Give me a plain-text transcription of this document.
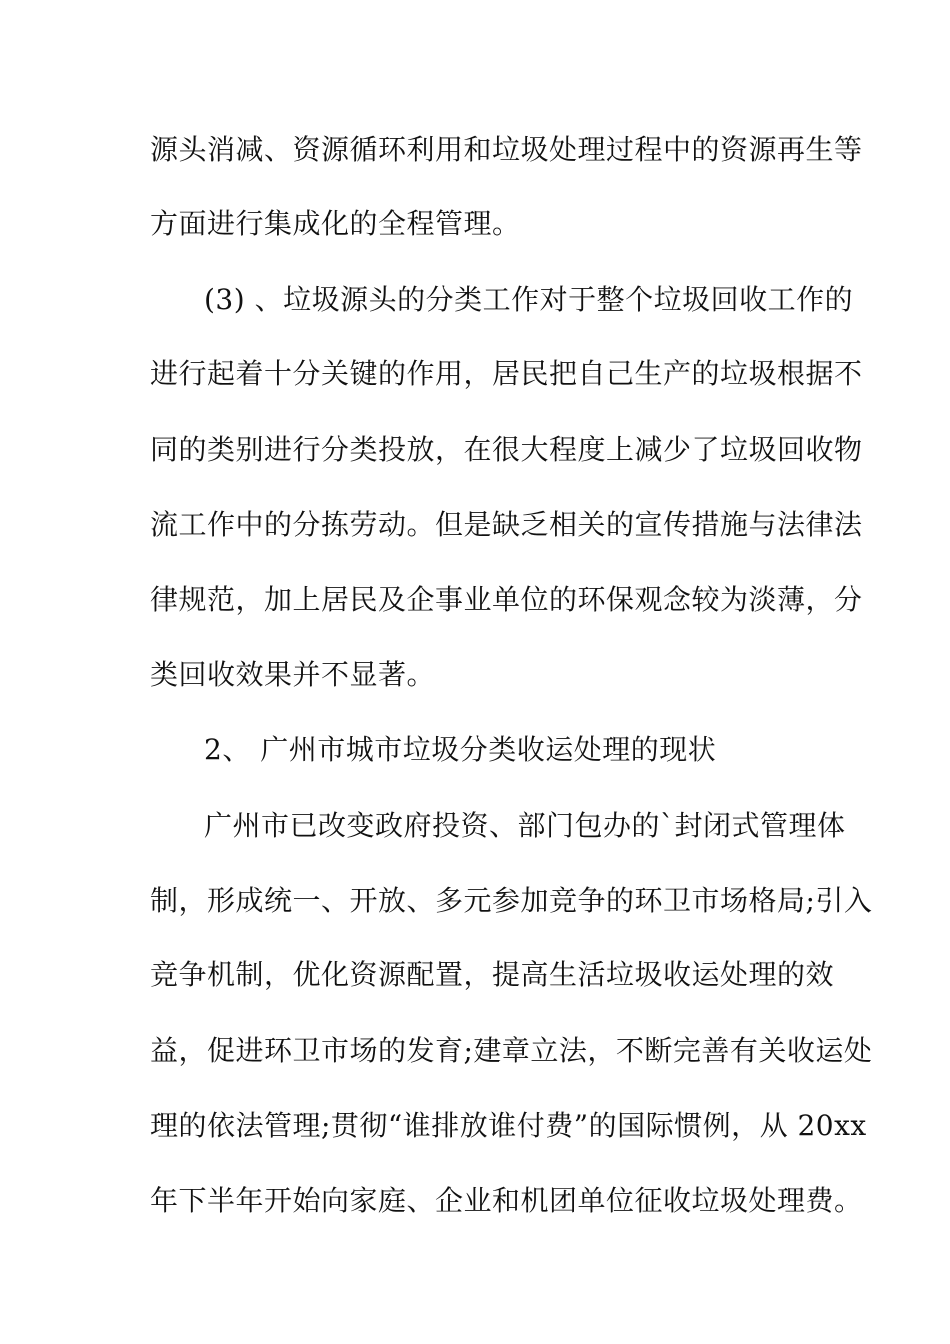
源头消减、资源循环利用和垃圾处理过程中的资源再生等
方面进行集成化的全程管理。
(3) 、垃圾源头的分类工作对于整个垃圾回收工作的
进行起着十分关键的作用，居民把自己生产的垃圾根据不
同的类别进行分类投放，在很大程度上减少了垃圾回收物
流工作中的分拣劳动。但是缺乏相关的宣传措施与法律法
律规范，加上居民及企事业单位的环保观念较为淡薄，分
类回收效果并不显著。
2、 广州市城市垃圾分类收运处理的现状
广州市已改变政府投资、部门包办的`封闭式管理体
制，形成统一、开放、多元参加竞争的环卫市场格局;引入
竞争机制，优化资源配置，提高生活垃圾收运处理的效
益，促进环卫市场的发育;建章立法，不断完善有关收运处
理的依法管理;贯彻“谁排放谁付费”的国际惯例，从 20xx
年下半年开始向家庭、企业和机团单位征收垃圾处理费。
